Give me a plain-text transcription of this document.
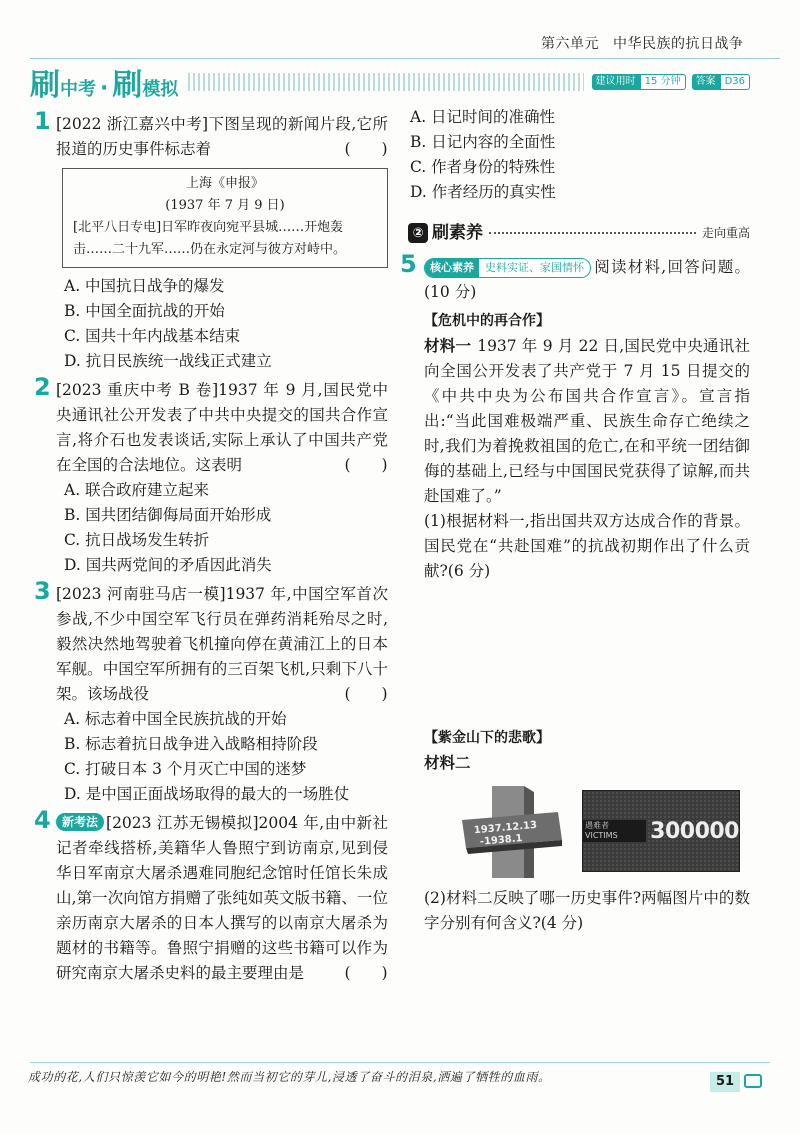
第六单元 中华民族的抗日战争
刷 中考 · 刷 模拟	建议用时 15 分钟	答案 D36
1 [2022 浙江嘉兴中考]下图呈现的新闻片段,它所报道的历史事件标志着	(　　)
上海《申报》
(1937 年 7 月 9 日)
[北平八日专电]日军昨夜向宛平县城……开炮轰击……二十九军……仍在永定河与彼方对峙中。
A. 中国抗日战争的爆发
B. 中国全面抗战的开始
C. 国共十年内战基本结束
D. 抗日民族统一战线正式建立
2 [2023 重庆中考 B 卷]1937 年 9 月,国民党中央通讯社公开发表了中共中央提交的国共合作宣言,将介石也发表谈话,实际上承认了中国共产党在全国的合法地位。这表明	(　　)
A. 联合政府建立起来
B. 国共团结御侮局面开始形成
C. 抗日战场发生转折
D. 国共两党间的矛盾因此消失
3 [2023 河南驻马店一模]1937 年,中国空军首次参战,不少中国空军飞行员在弹药消耗殆尽之时,毅然决然地驾驶着飞机撞向停在黄浦江上的日本军舰。中国空军所拥有的三百架飞机,只剩下八十架。该场战役	(　　)
A. 标志着中国全民族抗战的开始
B. 标志着抗日战争进入战略相持阶段
C. 打破日本 3 个月灭亡中国的迷梦
D. 是中国正面战场取得的最大的一场胜仗
4 新考法 [2023 江苏无锡模拟]2004 年,由中新社记者牵线搭桥,美籍华人鲁照宁到访南京,见到侵华日军南京大屠杀遇难同胞纪念馆时任馆长朱成山,第一次向馆方捐赠了张纯如英文版书籍、一位亲历南京大屠杀的日本人撰写的以南京大屠杀为题材的书籍等。鲁照宁捐赠的这些书籍可以作为研究南京大屠杀史料的最主要理由是	(　　)
A. 日记时间的准确性
B. 日记内容的全面性
C. 作者身份的特殊性
D. 作者经历的真实性
② 刷素养	走向重高
5	核心素养	史料实证、家国情怀 阅读材料,回答问题。(10 分)
【危机中的再合作】
材料一 1937 年 9 月 22 日,国民党中央通讯社向全国公开发表了共产党于 7 月 15 日提交的《中共中央为公布国共合作宣言》。宣言指出:“当此国难极端严重、民族生命存亡绝续之时,我们为着挽救祖国的危亡,在和平统一团结御侮的基础上,已经与中国国民党获得了谅解,而共赴国难了。”
(1)根据材料一,指出国共双方达成合作的背景。国民党在“共赴国难”的抗战初期作出了什么贡献?(6 分)
【紫金山下的悲歌】
材料二
1937.12.13
-1938.1
遇难者 VICTIMS	300000
(2)材料二反映了哪一历史事件?两幅图片中的数字分别有何含义?(4 分)
成功的花,人们只惊羡它如今的明艳!然而当初它的芽儿,浸透了奋斗的泪泉,洒遍了牺牲的血雨。	51
